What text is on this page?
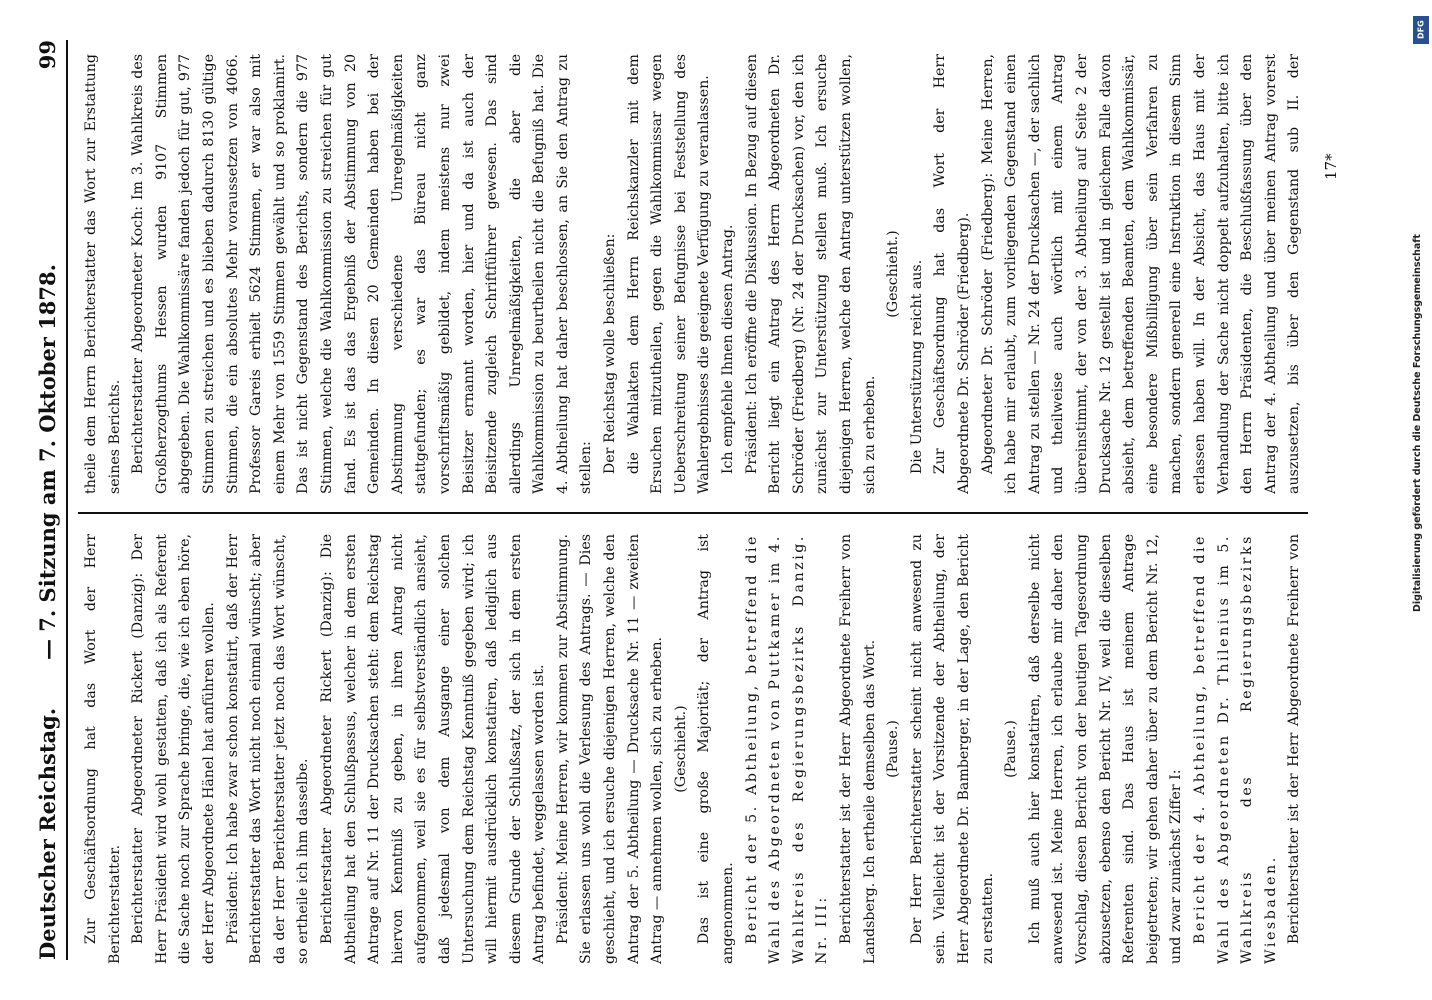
Deutscher Reichstag.
— 7. Sitzung am 7. Oktober 1878.
99

Zur Geschäftsordnung hat das Wort der Herr Berichterstatter. Berichterstatter Abgeordneter Rickert (Danzig): Der Herr Präsident wird wohl gestatten, daß ich als Referent die Sache noch zur Sprache bringe, die, wie ich eben höre, der Herr Abgeordnete Hänel hat anführen wollen. Präsident: Ich habe zwar schon konstatirt, daß der Herr Berichterstatter das Wort nicht noch einmal wünscht; aber da der Herr Berichterstatter jetzt noch das Wort wünscht, so ertheile ich ihm dasselbe. Berichterstatter Abgeordneter Rickert (Danzig): Die Abtheilung hat den Schlußpassus, welcher in dem ersten Antrage auf Nr. 11 der Drucksachen steht: dem Reichstag hiervon Kenntniß zu geben, in ihren Antrag nicht aufgenommen, weil sie es für selbstverständlich ansieht, daß jedesmal von dem Ausgange einer solchen Untersuchung dem Reichstag Kenntniß gegeben wird; ich will hiermit ausdrücklich konstatiren, daß lediglich aus diesem Grunde der Schlußsatz, der sich in dem ersten Antrag befindet, weggelassen worden ist. Präsident: Meine Herren, wir kommen zur Abstimmung. Sie erlassen uns wohl die Verlesung des Antrags. — Dies geschieht, und ich ersuche diejenigen Herren, welche den Antrag der 5. Abtheilung — Drucksache Nr. 11 — zweiten Antrag — annehmen wollen, sich zu erheben. (Geschieht.) Das ist eine große Majorität; der Antrag ist angenommen. Bericht der 5. Abtheilung, betreffend die Wahl des Abgeordneten von Puttkamer im 4. Wahlkreis des Regierungsbezirks Danzig. Nr. III: Berichterstatter ist der Herr Abgeordnete Freiherr von Landsberg. Ich ertheile demselben das Wort. (Pause.) Der Herr Berichterstatter scheint nicht anwesend zu sein. Vielleicht ist der Vorsitzende der Abtheilung, der Herr Abgeordnete Dr. Bamberger, in der Lage, den Bericht zu erstatten.

(Pause.) Ich muß auch hier konstatiren, daß derselbe nicht anwesend ist. Meine Herren, ich erlaube mir daher den Vorschlag, diesen Bericht von der heutigen Tagesordnung abzusetzen, ebenso den Bericht Nr. IV, weil die dieselben Referenten sind. Das Haus ist meinem Antrage beigetreten; wir gehen daher über zu dem Bericht Nr. 12, und zwar zunächst Ziffer I: Bericht der 4. Abtheilung, betreffend die Wahl des Abgeordneten Dr. Thilenius im 5. Wahlkreis des Regierungsbezirks Wiesbaden. Berichterstatter ist der Herr Abgeordnete Freiherr von

theile dem Herrn Berichterstatter das Wort zur Erstattung seines Berichts. Berichterstatter Abgeordneter Koch: Im 3. Wahlkreis des Großherzogthums Hessen wurden 9107 Stimmen abgegeben. Die Wahlkommissäre fanden jedoch für gut, 977 Stimmen zu streichen und es blieben dadurch 8130 gültige Stimmen, die ein absolutes Mehr voraussetzen von 4066. Professor Gareis erhielt 5624 Stimmen, er war also mit einem Mehr von 1559 Stimmen gewählt und so proklamirt. Das ist nicht Gegenstand des Berichts, sondern die 977 Stimmen, welche die Wahlkommission zu streichen für gut fand. Es ist das das Ergebniß der Abstimmung von 20 Gemeinden. In diesen 20 Gemeinden haben bei der Abstimmung verschiedene Unregelmäßigkeiten stattgefunden; es war das Büreau nicht ganz vorschriftsmäßig gebildet, indem meistens nur zwei Beisitzer ernannt worden, hier und da ist auch der Beisitzende zugleich Schriftführer gewesen. Das sind allerdings Unregelmäßigkeiten, die aber die Wahlkommission zu beurtheilen nicht die Befugniß hat. Die 4. Abtheilung hat daher beschlossen, an Sie den Antrag zu stellen: Der Reichstag wolle beschließen: die Wahlakten dem Herrn Reichskanzler mit dem Ersuchen mitzutheilen, gegen die Wahlkommissar wegen Ueberschreitung seiner Befugnisse bei Feststellung des Wahlergebnisses die geeignete Verfügung zu veranlassen. Ich empfehle Ihnen diesen Antrag. Präsident: Ich eröffne die Diskussion. In Bezug auf diesen Bericht liegt ein Antrag des Herrn Abgeordneten Dr. Schröder (Friedberg) (Nr. 24 der Drucksachen) vor, den ich zunächst zur Unterstützung stellen muß. Ich ersuche diejenigen Herren, welche den Antrag unterstützen wollen, sich zu erheben.

(Geschieht.) Die Unterstützung reicht aus. Zur Geschäftsordnung hat das Wort der Herr Abgeordnete Dr. Schröder (Friedberg). Abgeordneter Dr. Schröder (Friedberg): Meine Herren, ich habe mir erlaubt, zum vorliegenden Gegenstand einen Antrag zu stellen — Nr. 24 der Drucksachen —, der sachlich und theilweise auch wörtlich mit einem Antrag übereinstimmt, der von der 3. Abtheilung auf Seite 2 der Drucksache Nr. 12 gestellt ist und in gleichem Falle davon absieht, dem betreffenden Beamten, dem Wahlkommissär, eine besondere Mißbilligung über sein Verfahren zu machen, sondern generell eine Instruktion in diesem Sinn erlassen haben will. In der Absicht, das Haus mit der Verhandlung der Sache nicht doppelt aufzuhalten, bitte ich den Herrn Präsidenten, die Beschlußfassung über den Antrag der 4. Abtheilung und über meinen Antrag vorerst auszusetzen, bis über den Gegenstand sub II. der

17*
DFG
Digitalisierung gefördert durch die Deutsche Forschungsgemeinschaft
